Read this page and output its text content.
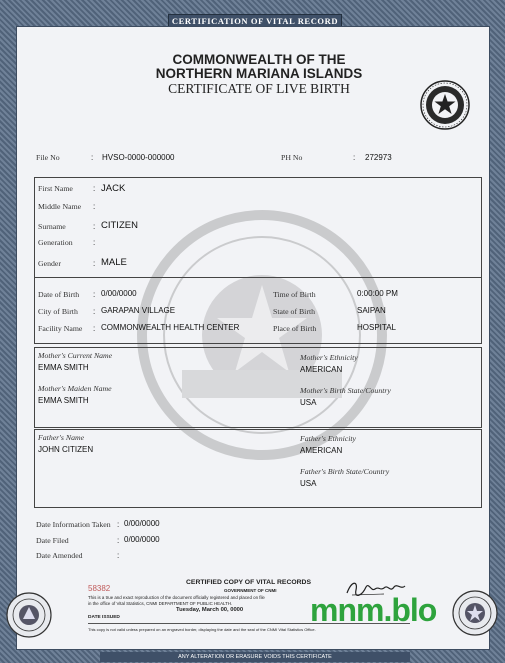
CERTIFICATION OF VITAL RECORD
COMMONWEALTH OF THE
NORTHERN MARIANA ISLANDS
CERTIFICATE OF LIVE BIRTH
File No	: HVSO-0000-000000	PH No	: 272973
First Name	: JACK
Middle Name :
Surname	: CITIZEN
Generation	:
Gender	: MALE
Date of Birth : 0/00/0000	Time of Birth	0:00:00 PM
City of Birth : GARAPAN VILLAGE	State of Birth	SAIPAN
Facility Name : COMMONWEALTH HEALTH CENTER	Place of Birth	HOSPITAL
Mother's Current Name
EMMA SMITH
Mother's Ethnicity
AMERICAN
Mother's Maiden Name
EMMA SMITH
Mother's Birth State/Country
USA
Father's Name
JOHN CITIZEN
Father's Ethnicity
AMERICAN
Father's Birth State/Country
USA
Date Information Taken : 0/00/0000
Date Filed	: 0/00/0000
Date Amended	:
58382
CERTIFIED COPY OF VITAL RECORDS
GOVERNMENT OF CNMI
This is a true and exact reproduction of the document officially registered and placed on file
in the office of Vital Statistics, CNMI DEPARTMENT OF PUBLIC HEALTH.
Tuesday, March 00, 0000
DATE ISSUED
This copy is not valid unless prepared on an engraved border, displaying the date and the seal of the CNMI Vital Statistics Office.
ANY ALTERATION OR ERASURE VOIDS THIS CERTIFICATE
mnm.blo
